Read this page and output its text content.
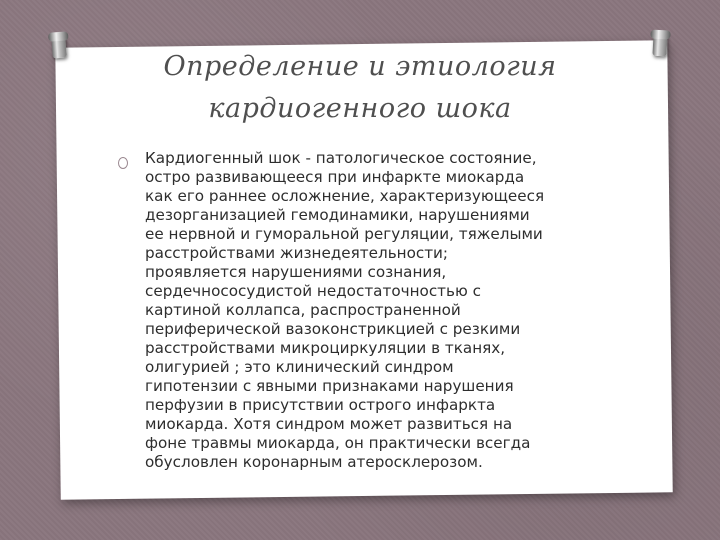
Определение и этиология
кардиогенного шока
Кардиогенный шок - патологическое состояние,
остро развивающееся при инфаркте миокарда
как его раннее осложнение, характеризующееся
дезорганизацией гемодинамики, нарушениями
ее нервной и гуморальной регуляции, тяжелыми
расстройствами жизнедеятельности;
проявляется нарушениями сознания,
сердечнососудистой недостаточностью с
картиной коллапса, распространенной
периферической вазоконстрикцией с резкими
расстройствами микроциркуляции в тканях,
олигурией ; это клинический синдром
гипотензии с явными признаками нарушения
перфузии в присутствии острого инфаркта
миокарда. Хотя синдром может развиться на
фоне травмы миокарда, он практически всегда
обусловлен коронарным атеросклерозом.
